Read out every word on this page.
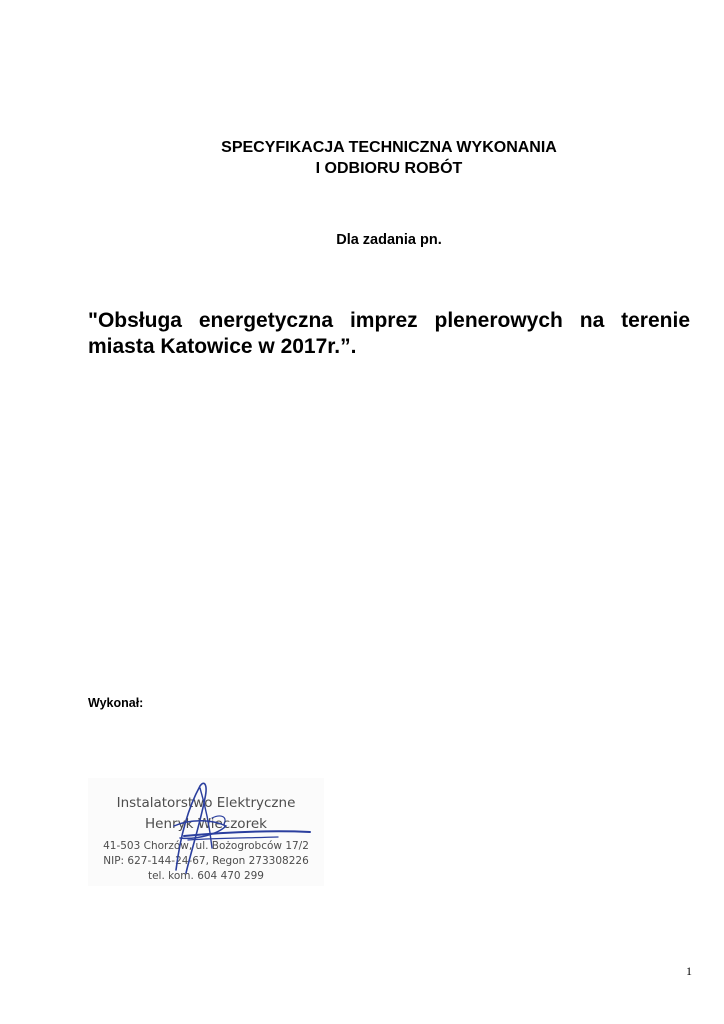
SPECYFIKACJA TECHNICZNA WYKONANIA
I ODBIORU ROBÓT
Dla zadania pn.
"Obsługa energetyczna imprez plenerowych na terenie miasta Katowice w 2017r.”.
Wykonał:
Instalatorstwo Elektryczne
Henryk Wieczorek
41-503 Chorzów, ul. Bożogrobców 17/2
NIP: 627-144-24-67, Regon 273308226
tel. kom. 604 470 299
1
